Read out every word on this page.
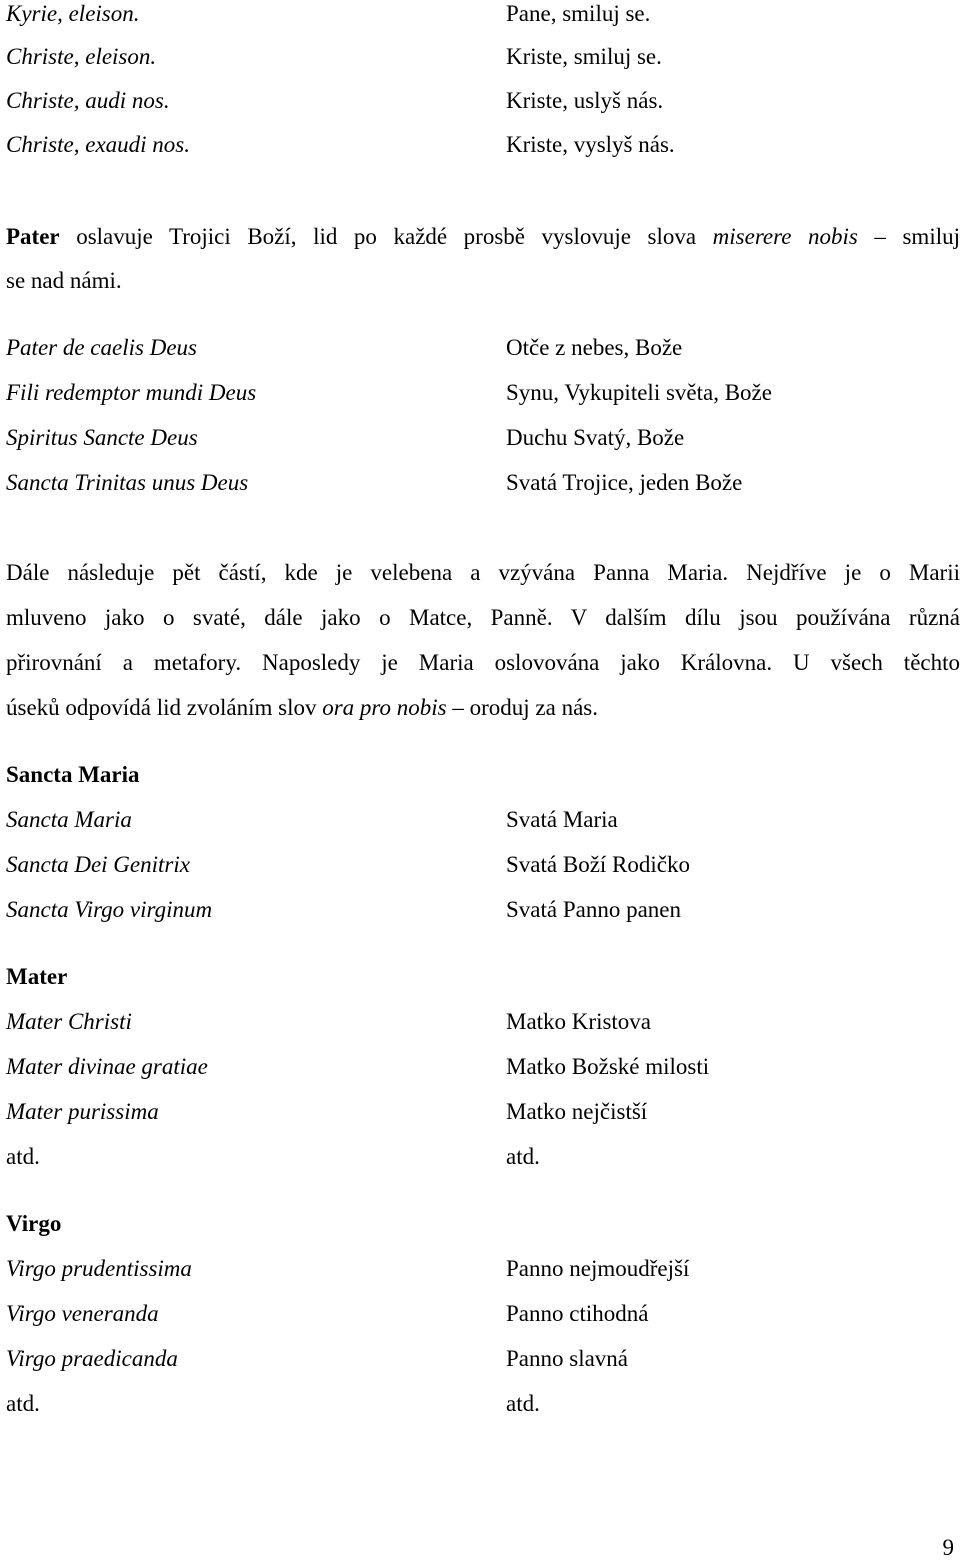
Kyrie, eleison.	Pane, smiluj se.
Christe, eleison.	Kriste, smiluj se.
Christe, audi nos.	Kriste, uslyš nás.
Christe, exaudi nos.	Kriste, vyslyš nás.
Pater oslavuje Trojici Boží, lid po každé prosbě vyslovuje slova miserere nobis – smiluj
se nad námi.
Pater de caelis Deus	Otče z nebes, Bože
Fili redemptor mundi Deus	Synu, Vykupiteli světa, Bože
Spiritus Sancte Deus	Duchu Svatý, Bože
Sancta Trinitas unus Deus	Svatá Trojice, jeden Bože
Dále následuje pět částí, kde je velebena a vzývána Panna Maria. Nejdříve je o Marii
mluveno jako o svaté, dále jako o Matce, Panně. V dalším dílu jsou používána různá
přirovnání a metafory. Naposledy je Maria oslovována jako Královna. U všech těchto
úseků odpovídá lid zvoláním slov ora pro nobis – oroduj za nás.
Sancta Maria
Sancta Maria	Svatá Maria
Sancta Dei Genitrix	Svatá Boží Rodičko
Sancta Virgo virginum	Svatá Panno panen
Mater
Mater Christi	Matko Kristova
Mater divinae gratiae	Matko Božské milosti
Mater purissima	Matko nejčistší
atd.	atd.
Virgo
Virgo prudentissima	Panno nejmoudřejší
Virgo veneranda	Panno ctihodná
Virgo praedicanda	Panno slavná
atd.	atd.
9
